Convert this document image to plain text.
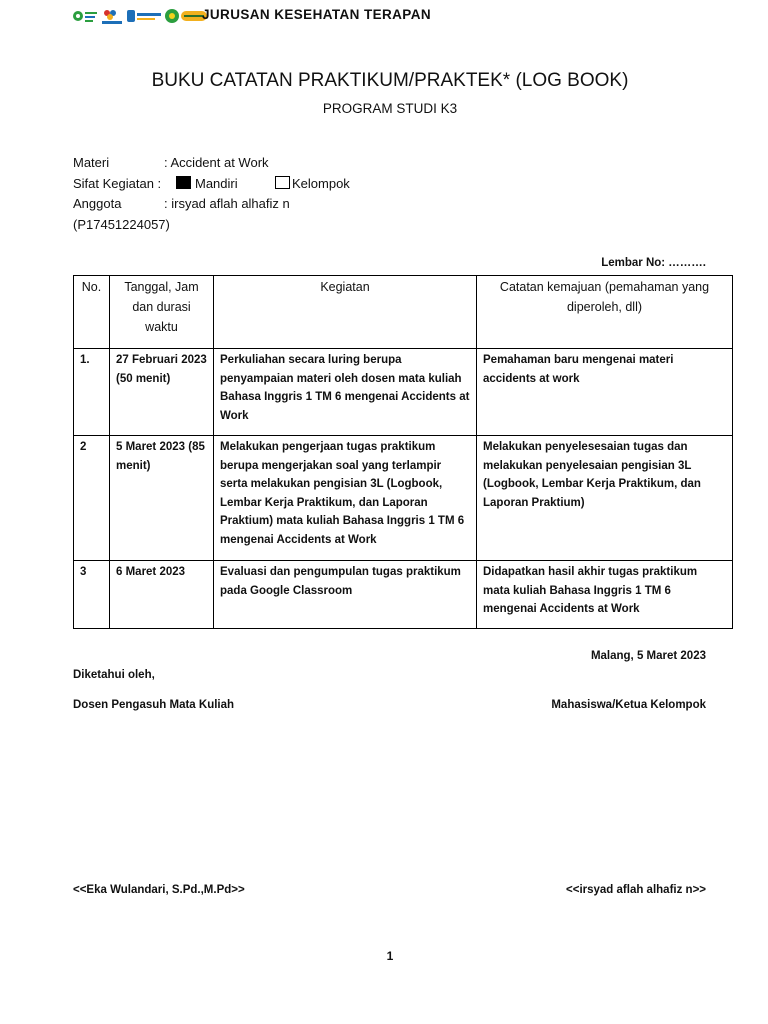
JURUSAN KESEHATAN TERAPAN
BUKU CATATAN PRAKTIKUM/PRAKTEK* (LOG BOOK)
PROGRAM STUDI K3
Materi	: Accident at Work
Sifat Kegiatan :	Mandiri	Kelompok
Anggota	: irsyad aflah alhafiz n
(P17451224057)
Lembar No: ……….
No.	Tanggal, Jam dan durasi waktu	Kegiatan	Catatan kemajuan (pemahaman yang diperoleh, dll)
1.	27 Februari 2023 (50 menit)	Perkuliahan secara luring berupa penyampaian materi oleh dosen mata kuliah Bahasa Inggris 1 TM 6 mengenai Accidents at Work	Pemahaman baru mengenai materi accidents at work
2	5 Maret 2023 (85 menit)	Melakukan pengerjaan tugas praktikum berupa mengerjakan soal yang terlampir serta melakukan pengisian 3L (Logbook, Lembar Kerja Praktikum, dan Laporan Praktium) mata kuliah Bahasa Inggris 1 TM 6 mengenai Accidents at Work	Melakukan penyelesesaian tugas dan melakukan penyelesaian pengisian 3L (Logbook, Lembar Kerja Praktikum, dan Laporan Praktium)
3	6 Maret 2023	Evaluasi dan pengumpulan tugas praktikum pada Google Classroom	Didapatkan hasil akhir tugas praktikum mata kuliah Bahasa Inggris 1 TM 6 mengenai Accidents at Work
Malang, 5 Maret 2023
Diketahui oleh,
Dosen Pengasuh Mata Kuliah	Mahasiswa/Ketua Kelompok
<<Eka Wulandari, S.Pd.,M.Pd>>	<<irsyad aflah alhafiz n>>
1
